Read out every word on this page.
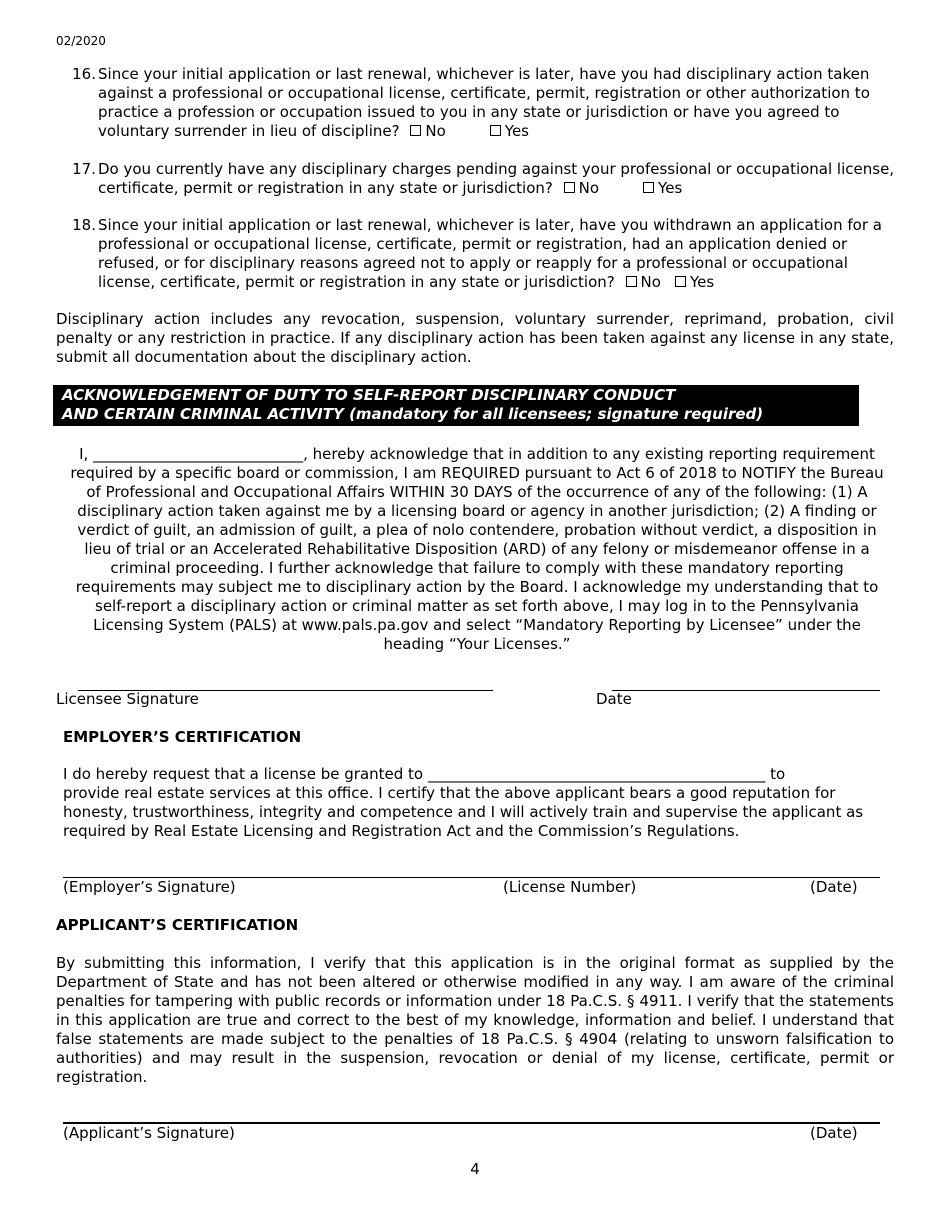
02/2020
16. Since your initial application or last renewal, whichever is later, have you had disciplinary action taken against a professional or occupational license, certificate, permit, registration or other authorization to practice a profession or occupation issued to you in any state or jurisdiction or have you agreed to voluntary surrender in lieu of discipline? No	Yes
17. Do you currently have any disciplinary charges pending against your professional or occupational license, certificate, permit or registration in any state or jurisdiction? No	Yes
18. Since your initial application or last renewal, whichever is later, have you withdrawn an application for a professional or occupational license, certificate, permit or registration, had an application denied or refused, or for disciplinary reasons agreed not to apply or reapply for a professional or occupational license, certificate, permit or registration in any state or jurisdiction? No Yes
Disciplinary action includes any revocation, suspension, voluntary surrender, reprimand, probation, civil penalty or any restriction in practice. If any disciplinary action has been taken against any license in any state, submit all documentation about the disciplinary action.
ACKNOWLEDGEMENT OF DUTY TO SELF-REPORT DISCIPLINARY CONDUCT
AND CERTAIN CRIMINAL ACTIVITY (mandatory for all licensees; signature required)
I, ____________________________, hereby acknowledge that in addition to any existing reporting requirement required by a specific board or commission, I am REQUIRED pursuant to Act 6 of 2018 to NOTIFY the Bureau of Professional and Occupational Affairs WITHIN 30 DAYS of the occurrence of any of the following: (1) A disciplinary action taken against me by a licensing board or agency in another jurisdiction; (2) A finding or verdict of guilt, an admission of guilt, a plea of nolo contendere, probation without verdict, a disposition in lieu of trial or an Accelerated Rehabilitative Disposition (ARD) of any felony or misdemeanor offense in a criminal proceeding. I further acknowledge that failure to comply with these mandatory reporting requirements may subject me to disciplinary action by the Board. I acknowledge my understanding that to self-report a disciplinary action or criminal matter as set forth above, I may log in to the Pennsylvania Licensing System (PALS) at www.pals.pa.gov and select “Mandatory Reporting by Licensee” under the heading “Your Licenses.”
Licensee Signature	Date
EMPLOYER’S CERTIFICATION
I do hereby request that a license be granted to _____________________________________________ to
provide real estate services at this office. I certify that the above applicant bears a good reputation for honesty, trustworthiness, integrity and competence and I will actively train and supervise the applicant as required by Real Estate Licensing and Registration Act and the Commission’s Regulations.
(Employer’s Signature)	(License Number)	(Date)
APPLICANT’S CERTIFICATION
By submitting this information, I verify that this application is in the original format as supplied by the Department of State and has not been altered or otherwise modified in any way. I am aware of the criminal penalties for tampering with public records or information under 18 Pa.C.S. § 4911. I verify that the statements in this application are true and correct to the best of my knowledge, information and belief. I understand that false statements are made subject to the penalties of 18 Pa.C.S. § 4904 (relating to unsworn falsification to authorities) and may result in the suspension, revocation or denial of my license, certificate, permit or registration.
(Applicant’s Signature)	(Date)
4
